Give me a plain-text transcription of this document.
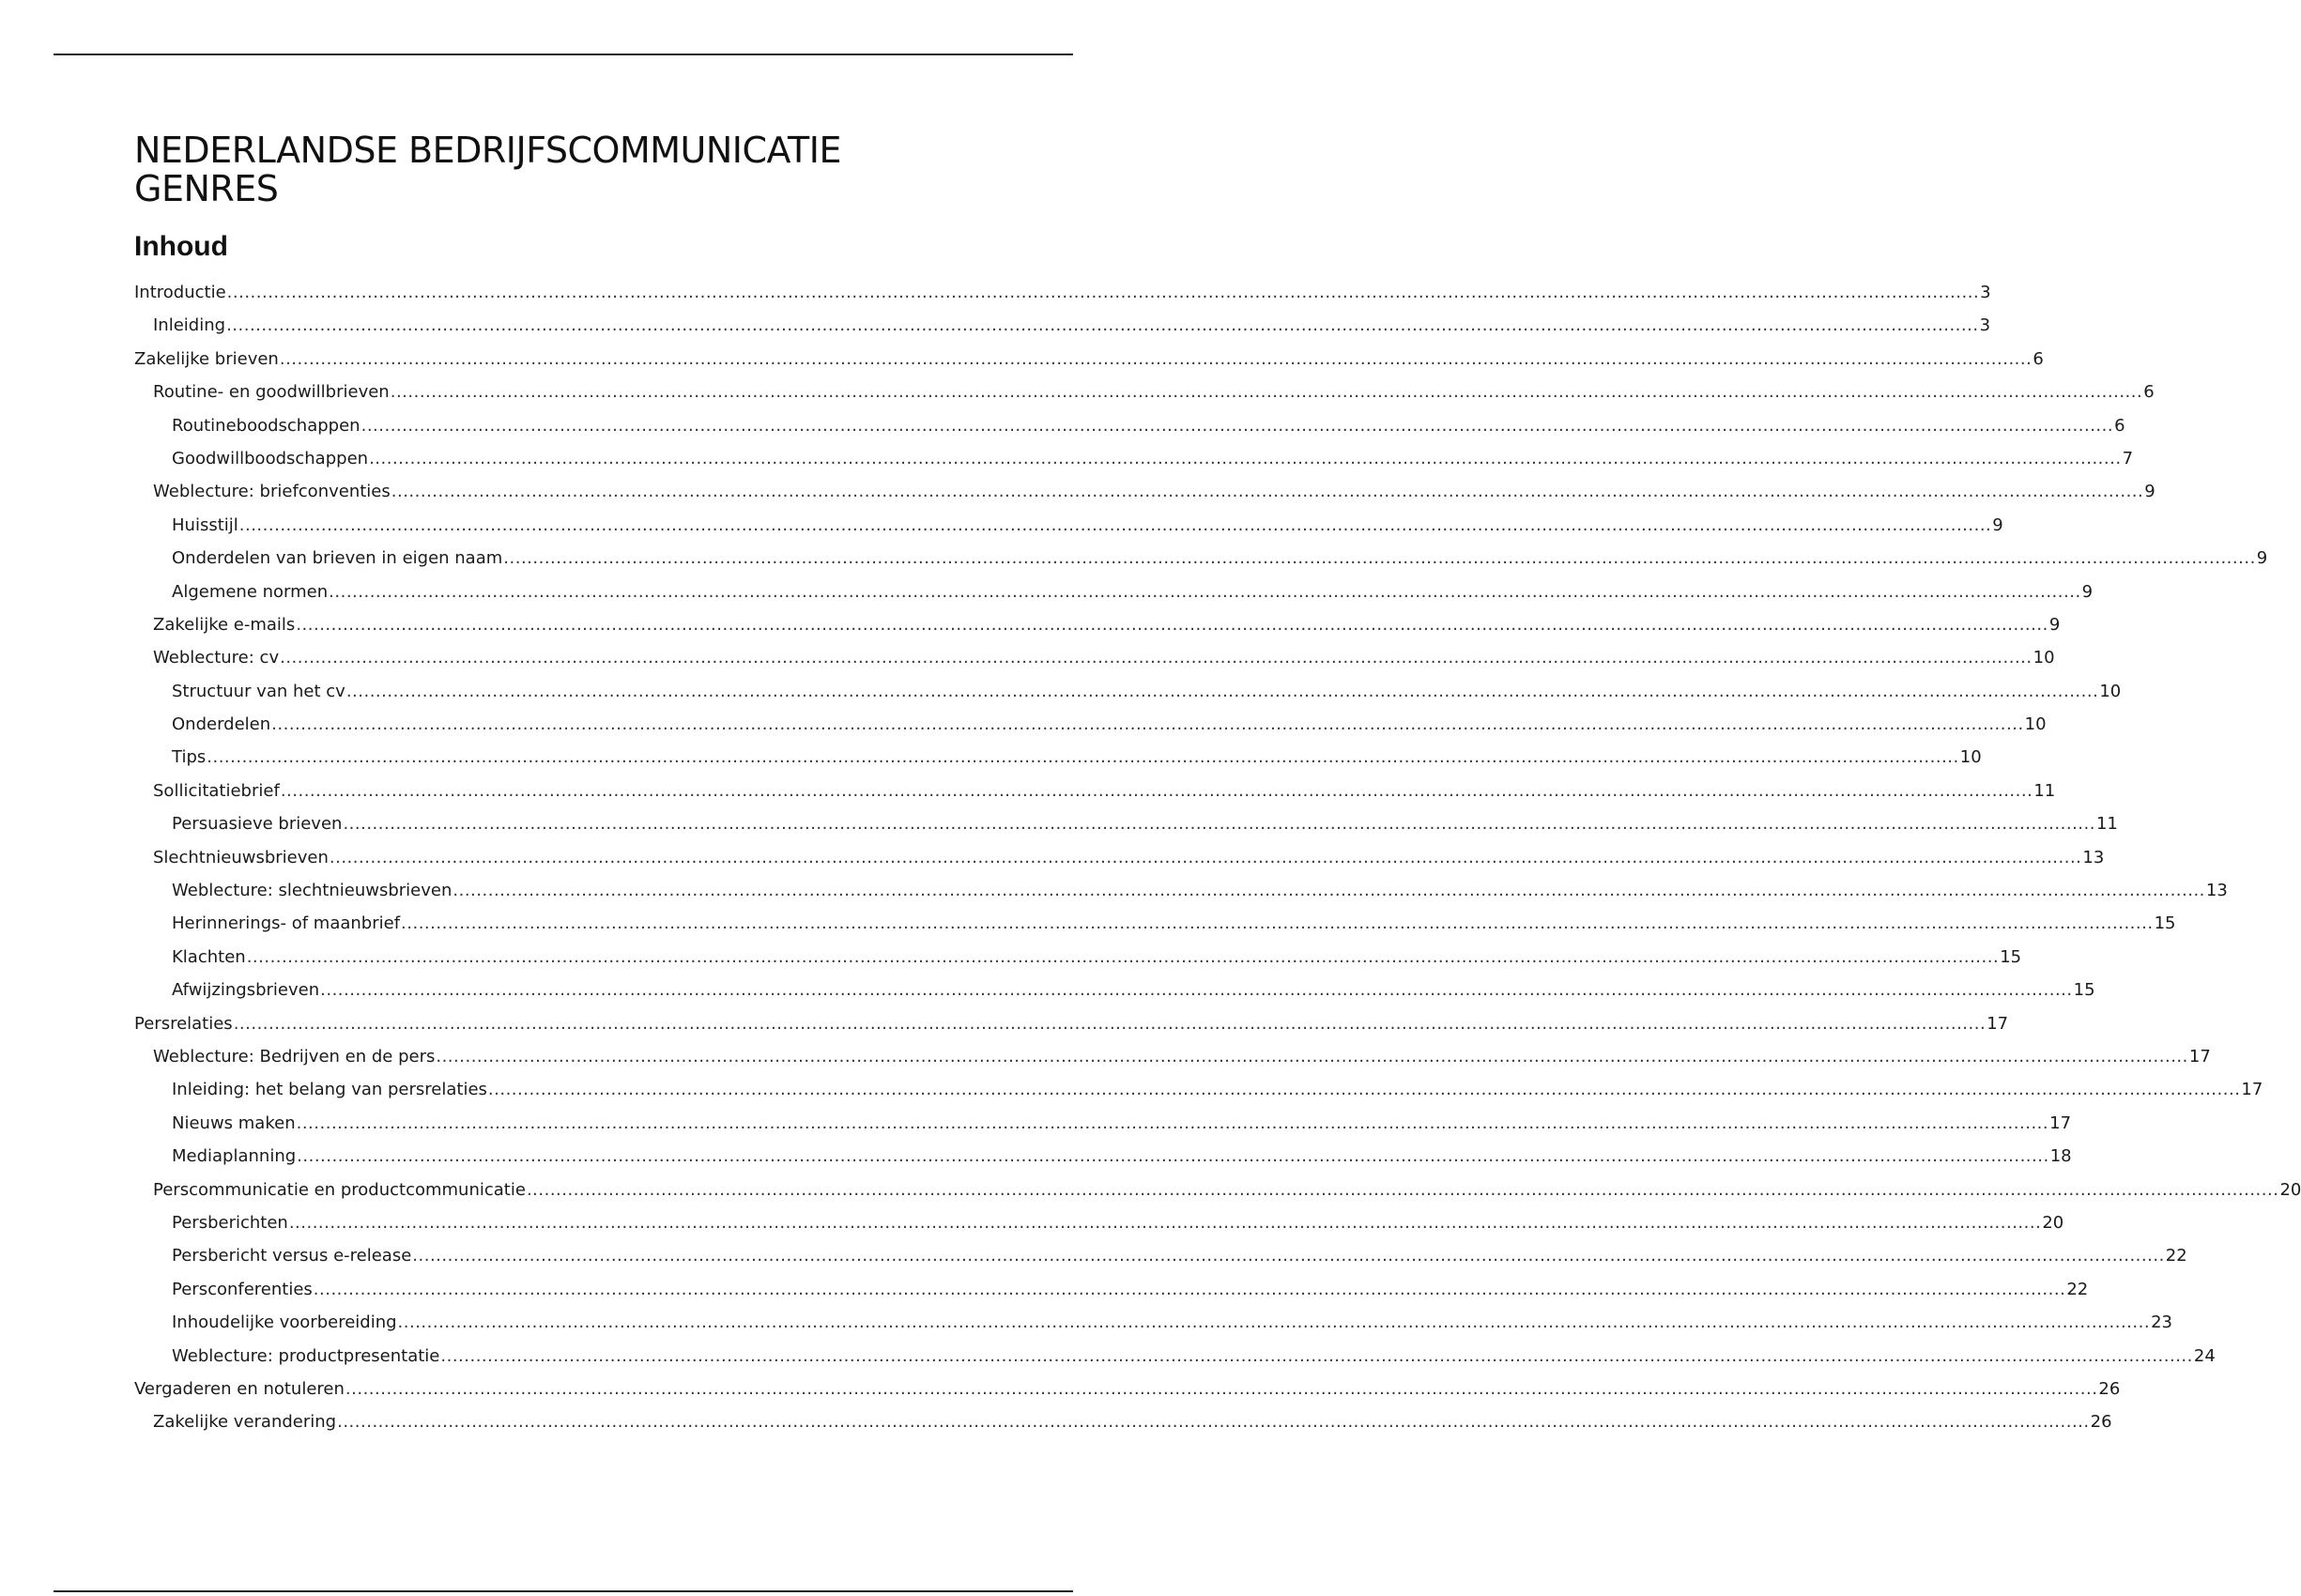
NEDERLANDSE BEDRIJFSCOMMUNICATIE
GENRES
Inhoud
Introductie ............................................................................................................................................................................................................................................................................................................ 3
Inleiding ............................................................................................................................................................................................................................................................................................................ 3
Zakelijke brieven ............................................................................................................................................................................................................................................................................................................ 6
Routine- en goodwillbrieven ............................................................................................................................................................................................................................................................................................................ 6
Routineboodschappen ............................................................................................................................................................................................................................................................................................................ 6
Goodwillboodschappen ............................................................................................................................................................................................................................................................................................................ 7
Weblecture: briefconventies ............................................................................................................................................................................................................................................................................................................ 9
Huisstijl ............................................................................................................................................................................................................................................................................................................ 9
Onderdelen van brieven in eigen naam ............................................................................................................................................................................................................................................................................................................ 9
Algemene normen ............................................................................................................................................................................................................................................................................................................ 9
Zakelijke e-mails ............................................................................................................................................................................................................................................................................................................ 9
Weblecture: cv ............................................................................................................................................................................................................................................................................................................ 10
Structuur van het cv ............................................................................................................................................................................................................................................................................................................ 10
Onderdelen ............................................................................................................................................................................................................................................................................................................ 10
Tips ............................................................................................................................................................................................................................................................................................................ 10
Sollicitatiebrief ............................................................................................................................................................................................................................................................................................................ 11
Persuasieve brieven ............................................................................................................................................................................................................................................................................................................ 11
Slechtnieuwsbrieven ............................................................................................................................................................................................................................................................................................................ 13
Weblecture: slechtnieuwsbrieven ............................................................................................................................................................................................................................................................................................................ 13
Herinnerings- of maanbrief ............................................................................................................................................................................................................................................................................................................ 15
Klachten ............................................................................................................................................................................................................................................................................................................ 15
Afwijzingsbrieven ............................................................................................................................................................................................................................................................................................................ 15
Persrelaties ............................................................................................................................................................................................................................................................................................................ 17
Weblecture: Bedrijven en de pers ............................................................................................................................................................................................................................................................................................................ 17
Inleiding: het belang van persrelaties ............................................................................................................................................................................................................................................................................................................ 17
Nieuws maken ............................................................................................................................................................................................................................................................................................................ 17
Mediaplanning ............................................................................................................................................................................................................................................................................................................ 18
Perscommunicatie en productcommunicatie ............................................................................................................................................................................................................................................................................................................ 20
Persberichten ............................................................................................................................................................................................................................................................................................................ 20
Persbericht versus e-release ............................................................................................................................................................................................................................................................................................................ 22
Persconferenties ............................................................................................................................................................................................................................................................................................................ 22
Inhoudelijke voorbereiding ............................................................................................................................................................................................................................................................................................................ 23
Weblecture: productpresentatie ............................................................................................................................................................................................................................................................................................................ 24
Vergaderen en notuleren ............................................................................................................................................................................................................................................................................................................ 26
Zakelijke verandering ............................................................................................................................................................................................................................................................................................................ 26
